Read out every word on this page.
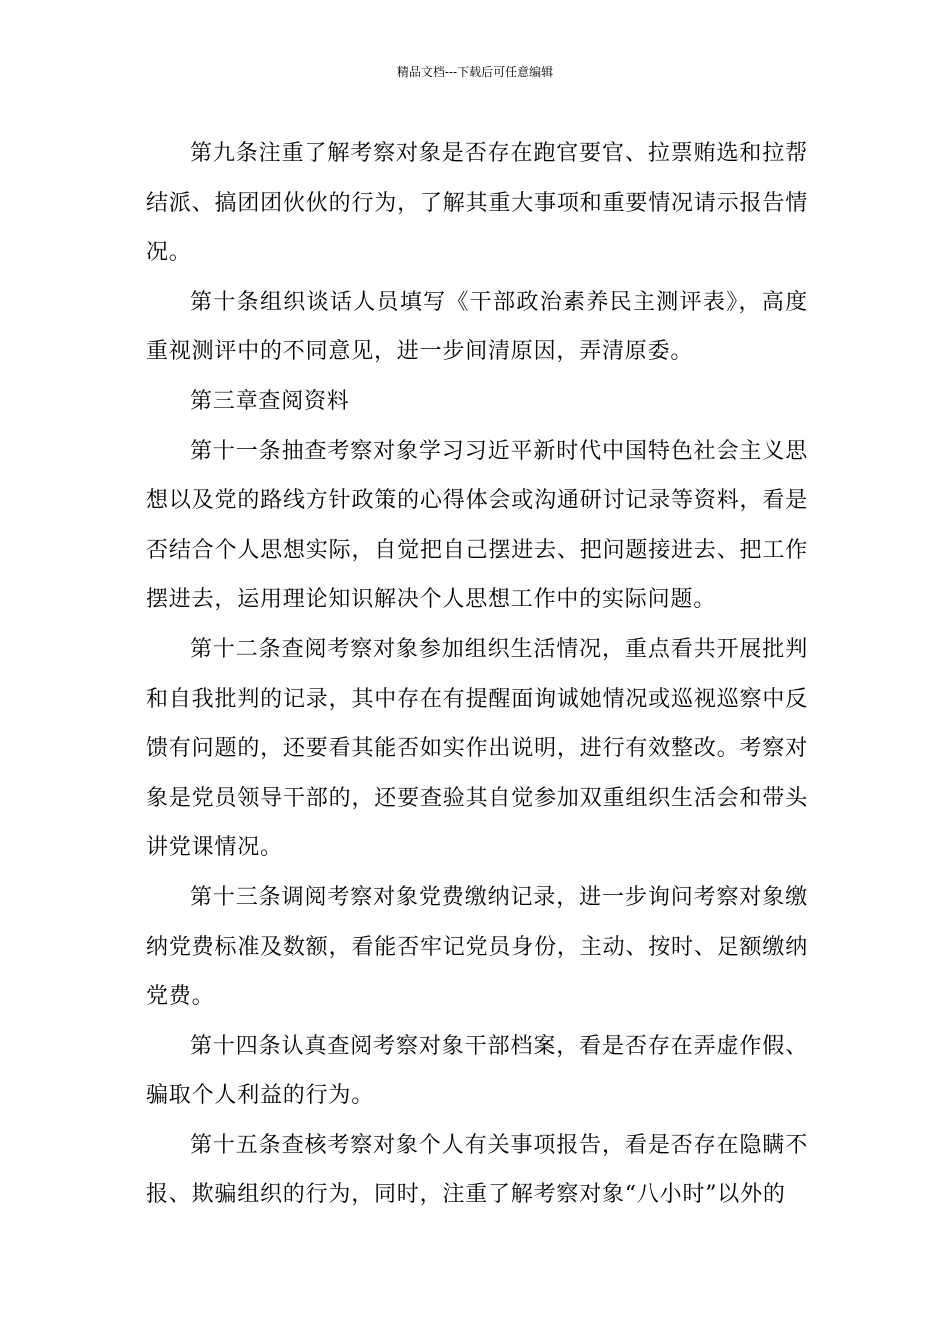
精品文档---下载后可任意编辑

第九条注重了解考察对象是否存在跑官要官、拉票贿选和拉帮结派、搞团团伙伙的行为，了解其重大事项和重要情况请示报告情况。

第十条组织谈话人员填写《干部政治素养民主测评表》，高度重视测评中的不同意见，进一步间清原因，弄清原委。

第三章查阅资料

第十一条抽查考察对象学习习近平新时代中国特色社会主义思想以及党的路线方针政策的心得体会或沟通研讨记录等资料，看是否结合个人思想实际，自觉把自己摆进去、把问题接进去、把工作摆进去，运用理论知识解决个人思想工作中的实际问题。

第十二条查阅考察对象参加组织生活情况，重点看共开展批判和自我批判的记录，其中存在有提醒面询诚她情况或巡视巡察中反馈有问题的，还要看其能否如实作出说明，进行有效整改。考察对象是党员领导干部的，还要查验其自觉参加双重组织生活会和带头讲党课情况。

第十三条调阅考察对象党费缴纳记录，进一步询问考察对象缴纳党费标准及数额，看能否牢记党员身份，主动、按时、足额缴纳党费。

第十四条认真查阅考察对象干部档案，看是否存在弄虚作假、骗取个人利益的行为。

第十五条查核考察对象个人有关事项报告，看是否存在隐瞒不报、欺骗组织的行为，同时，注重了解考察对象“八小时”以外的
